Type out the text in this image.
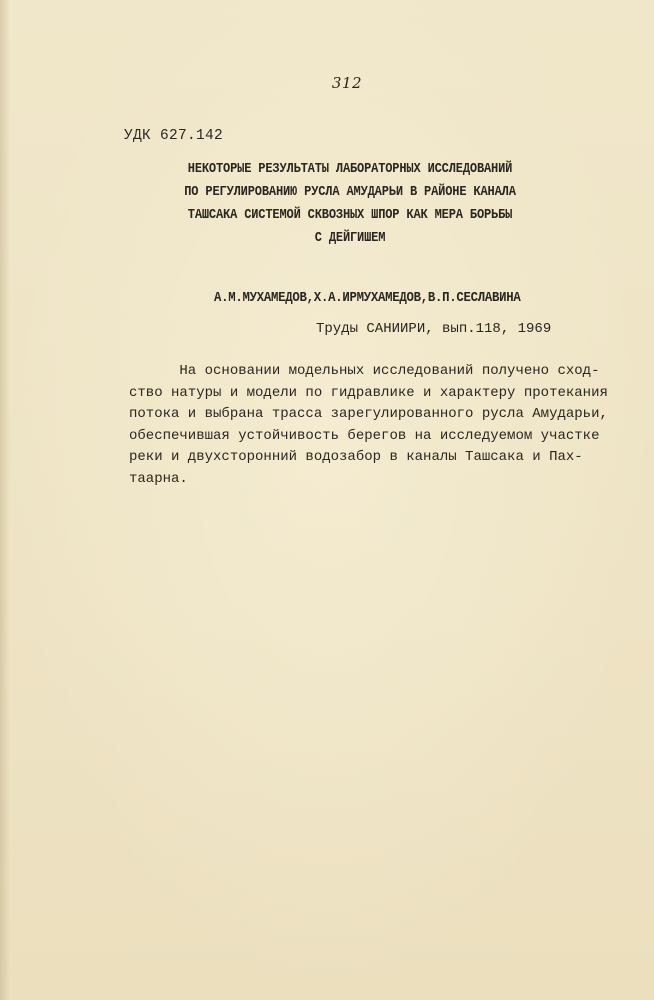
312
УДК 627.142
НЕКОТОРЫЕ РЕЗУЛЬТАТЫ ЛАБОРАТОРНЫХ ИССЛЕДОВАНИЙ
ПО РЕГУЛИРОВАНИЮ РУСЛА АМУДАРЬИ В РАЙОНЕ КАНАЛА
ТАШСАКА СИСТЕМОЙ СКВОЗНЫХ ШПОР КАК МЕРА БОРЬБЫ
С ДЕЙГИШЕМ
А.М.МУХАМЕДОВ,Х.А.ИРМУХАМЕДОВ,В.П.СЕСЛАВИНА
Труды САНИИРИ, вып.118, 1969
На основании модельных исследований получено сход-
ство натуры и модели по гидравлике и характеру протекания
потока и выбрана трасса зарегулированного русла Амударьи,
обеспечившая устойчивость берегов на исследуемом участке
реки и двухсторонний водозабор в каналы Ташсака и Пах-
таарна.
